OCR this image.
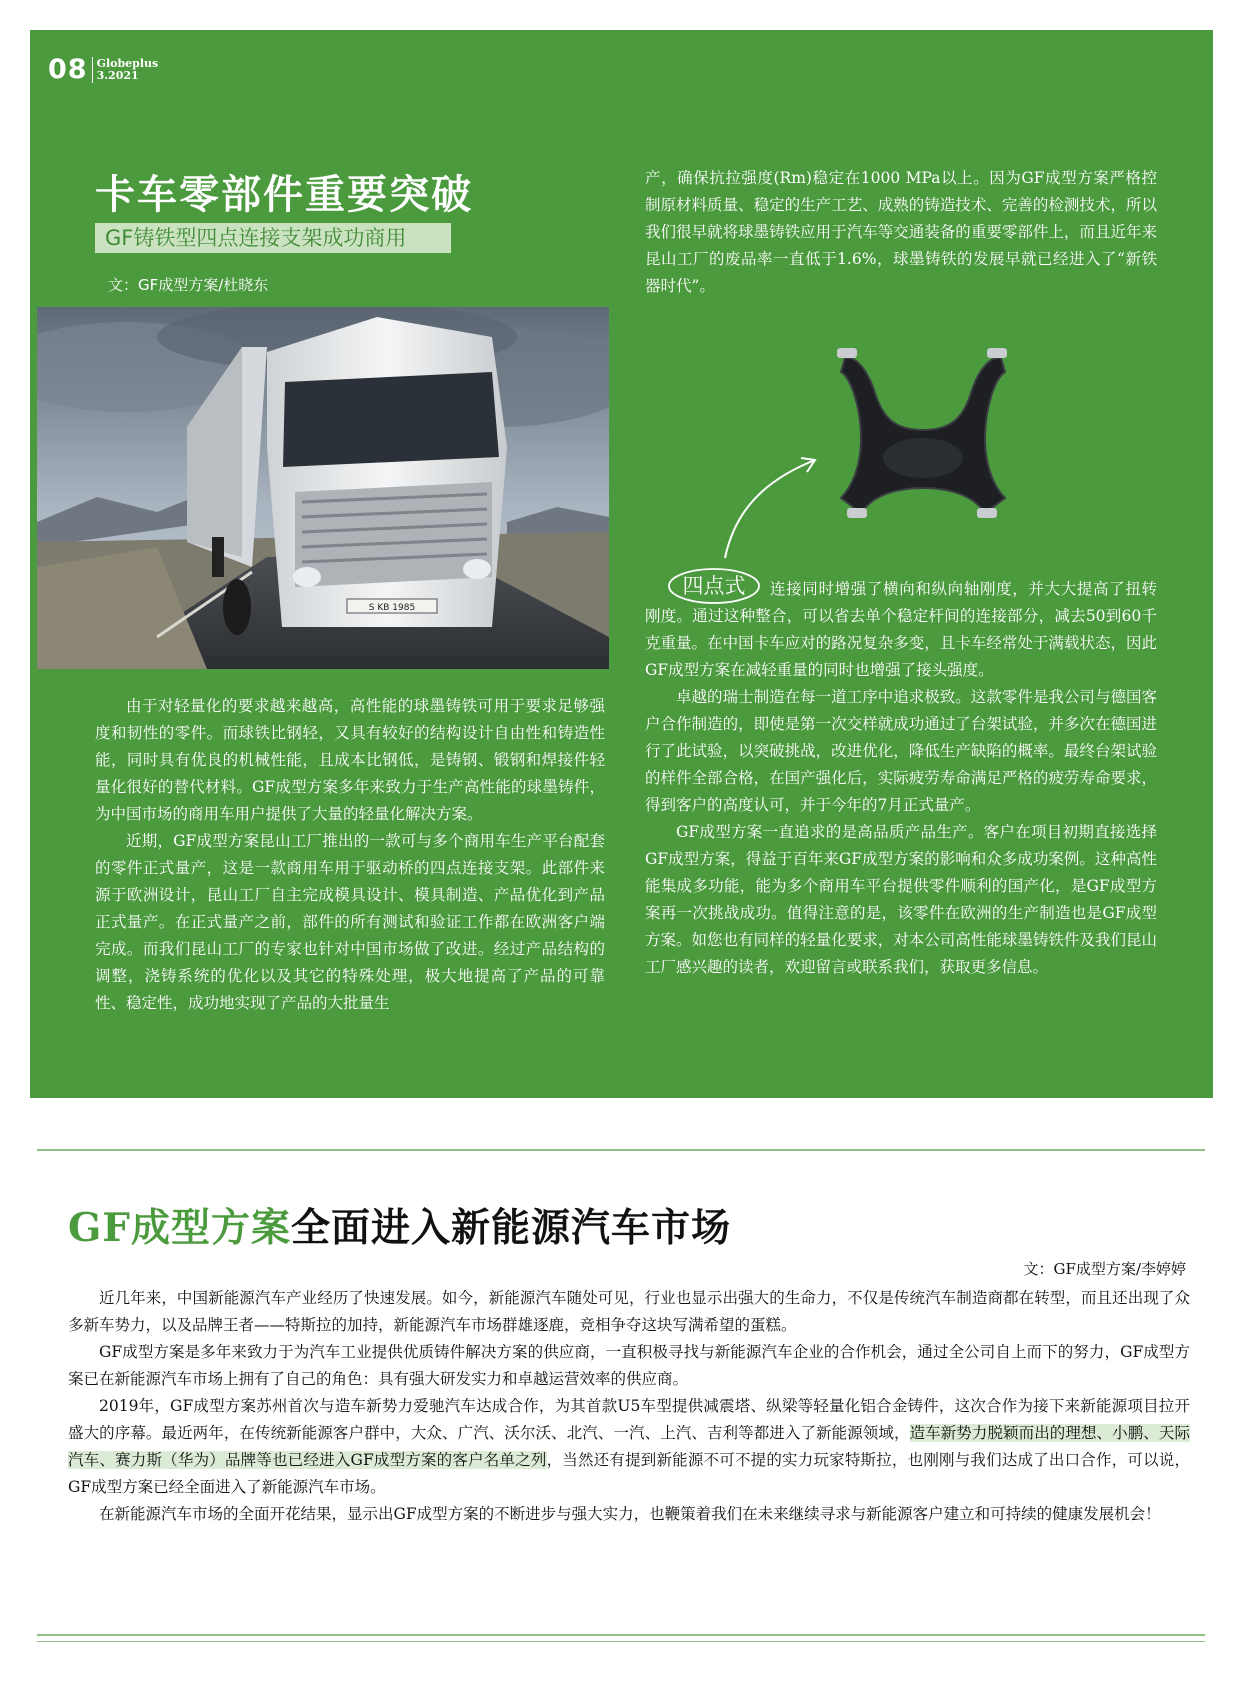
08 Globeplus
3.2021
卡车零部件重要突破
GF铸铁型四点连接支架成功商用
文：GF成型方案/杜晓东
S KB 1985

由于对轻量化的要求越来越高，高性能的球墨铸铁可用于要求足够强度和韧性的零件。而球铁比钢轻，又具有较好的结构设计自由性和铸造性能，同时具有优良的机械性能，且成本比钢低，是铸钢、锻钢和焊接件轻量化很好的替代材料。GF成型方案多年来致力于生产高性能的球墨铸件，为中国市场的商用车用户提供了大量的轻量化解决方案。

近期，GF成型方案昆山工厂推出的一款可与多个商用车生产平台配套的零件正式量产，这是一款商用车用于驱动桥的四点连接支架。此部件来源于欧洲设计，昆山工厂自主完成模具设计、模具制造、产品优化到产品正式量产。在正式量产之前，部件的所有测试和验证工作都在欧洲客户端完成。而我们昆山工厂的专家也针对中国市场做了改进。经过产品结构的调整，浇铸系统的优化以及其它的特殊处理，极大地提高了产品的可靠性、稳定性，成功地实现了产品的大批量生

产，确保抗拉强度(Rm)稳定在1000 MPa以上。因为GF成型方案严格控制原材料质量、稳定的生产工艺、成熟的铸造技术、完善的检测技术，所以我们很早就将球墨铸铁应用于汽车等交通装备的重要零部件上，而且近年来昆山工厂的废品率一直低于1.6%，球墨铸铁的发展早就已经进入了“新铁器时代”。

四点式	连接同时增强了横向和纵向轴刚度，并大大提高了扭转刚度。通过这种整合，可以省去单个稳定杆间的连接部分，减去50到60千克重量。在中国卡车应对的路况复杂多变，且卡车经常处于满载状态，因此GF成型方案在减轻重量的同时也增强了接头强度。

卓越的瑞士制造在每一道工序中追求极致。这款零件是我公司与德国客户合作制造的，即使是第一次交样就成功通过了台架试验，并多次在德国进行了此试验，以突破挑战，改进优化，降低生产缺陷的概率。最终台架试验的样件全部合格，在国产强化后，实际疲劳寿命满足严格的疲劳寿命要求，得到客户的高度认可，并于今年的7月正式量产。

GF成型方案一直追求的是高品质产品生产。客户在项目初期直接选择GF成型方案，得益于百年来GF成型方案的影响和众多成功案例。这种高性能集成多功能，能为多个商用车平台提供零件顺利的国产化，是GF成型方案再一次挑战成功。值得注意的是，该零件在欧洲的生产制造也是GF成型方案。如您也有同样的轻量化要求，对本公司高性能球墨铸铁件及我们昆山工厂感兴趣的读者，欢迎留言或联系我们，获取更多信息。

GF成型方案全面进入新能源汽车市场
文：GF成型方案/李婷婷

近几年来，中国新能源汽车产业经历了快速发展。如今，新能源汽车随处可见，行业也显示出强大的生命力，不仅是传统汽车制造商都在转型，而且还出现了众多新车势力，以及品牌王者——特斯拉的加持，新能源汽车市场群雄逐鹿，竞相争夺这块写满希望的蛋糕。

GF成型方案是多年来致力于为汽车工业提供优质铸件解决方案的供应商，一直积极寻找与新能源汽车企业的合作机会，通过全公司自上而下的努力，GF成型方案已在新能源汽车市场上拥有了自己的角色：具有强大研发实力和卓越运营效率的供应商。

2019年，GF成型方案苏州首次与造车新势力爱驰汽车达成合作，为其首款U5车型提供减震塔、纵梁等轻量化铝合金铸件，这次合作为接下来新能源项目拉开盛大的序幕。最近两年，在传统新能源客户群中，大众、广汽、沃尔沃、北汽、一汽、上汽、吉利等都进入了新能源领域，造车新势力脱颖而出的理想、小鹏、天际汽车、赛力斯（华为）品牌等也已经进入GF成型方案的客户名单之列，当然还有提到新能源不可不提的实力玩家特斯拉，也刚刚与我们达成了出口合作，可以说，GF成型方案已经全面进入了新能源汽车市场。

在新能源汽车市场的全面开花结果，显示出GF成型方案的不断进步与强大实力，也鞭策着我们在未来继续寻求与新能源客户建立和可持续的健康发展机会！
